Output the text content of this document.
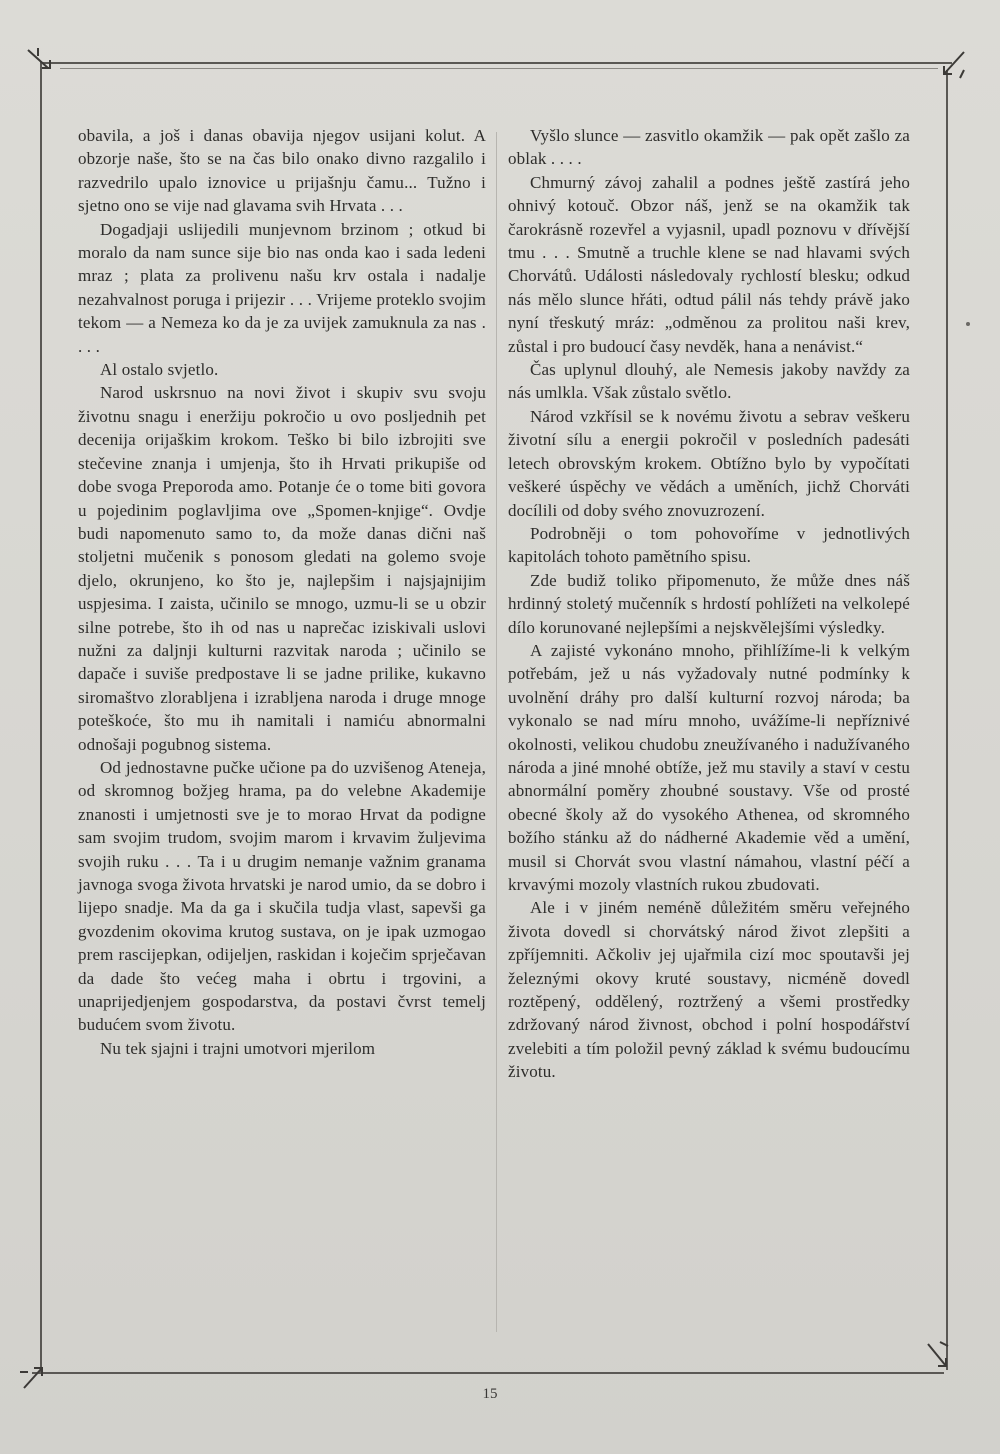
obavila, a još i danas obavija njegov usijani kolut. A obzorje naše, što se na čas bilo onako divno razgalilo i razvedrilo upalo iznovice u prijašnju čamu... Tužno i sjetno ono se vije nad glavama svih Hrvata . . .

Dogadjaji uslijedili munjevnom brzinom ; otkud bi moralo da nam sunce sije bio nas onda kao i sada ledeni mraz ; plata za prolivenu našu krv ostala i nadalje nezahvalnost poruga i prijezir . . . Vrijeme proteklo svojim tekom — a Nemeza ko da je za uvijek zamuknula za nas . . . .

Al ostalo svjetlo.

Narod uskrsnuo na novi život i skupiv svu svoju životnu snagu i eneržiju pokročio u ovo posljednih pet decenija orijaškim krokom. Teško bi bilo izbrojiti sve stečevine znanja i umjenja, što ih Hrvati prikupiše od dobe svoga Preporoda amo. Potanje će o tome biti govora u pojedinim poglavljima ove „Spomen-knjige“. Ovdje budi napomenuto samo to, da može danas dični naš stoljetni mučenik s ponosom gledati na golemo svoje djelo, okrunjeno, ko što je, najlepšim i najsjajnijim uspjesima. I zaista, učinilo se mnogo, uzmu-li se u obzir silne potrebe, što ih od nas u naprečac iziskivali uslovi nužni za daljnji kulturni razvitak naroda ; učinilo se dapače i suviše predpostave li se jadne prilike, kukavno siromaštvo zlorabljena i izrabljena naroda i druge mnoge poteškoće, što mu ih namitali i namiću abnormalni odnošaji pogubnog sistema.

Od jednostavne pučke učione pa do uzvišenog Ateneja, od skromnog božjeg hrama, pa do velebne Akademije znanosti i umjetnosti sve je to morao Hrvat da podigne sam svojim trudom, svojim marom i krvavim žuljevima svojih ruku . . . Ta i u drugim nemanje važnim granama javnoga svoga života hrvatski je narod umio, da se dobro i lijepo snadje. Ma da ga i skučila tudja vlast, sapevši ga gvozdenim okovima krutog sustava, on je ipak uzmogao prem rascijepkan, odijeljen, raskidan i koječim sprječavan da dade što većeg maha i obrtu i trgovini, a unaprijedjenjem gospodarstva, da postavi čvrst temelj budućem svom životu.

Nu tek sjajni i trajni umotvori mjerilom

Vyšlo slunce — zasvitlo okamžik — pak opět zašlo za oblak . . . .

Chmurný závoj zahalil a podnes ještě zastírá jeho ohnivý kotouč. Obzor náš, jenž se na okamžik tak čarokrásně rozevřel a vyjasnil, upadl poznovu v dřívější tmu . . . Smutně a truchle klene se nad hlavami svých Chorvátů. Události následovaly rychlostí blesku; odkud nás mělo slunce hřáti, odtud pálil nás tehdy právě jako nyní třeskutý mráz: „odměnou za prolitou naši krev, zůstal i pro budoucí časy nevděk, hana a nenávist.“

Čas uplynul dlouhý, ale Nemesis jakoby navždy za nás umlkla. Však zůstalo světlo.

Národ vzkřísil se k novému životu a sebrav veškeru životní sílu a energii pokročil v posledních padesáti letech obrovským krokem. Obtížno bylo by vypočítati veškeré úspěchy ve vědách a uměních, jichž Chorváti docílili od doby svého znovuzrození.

Podrobněji o tom pohovoříme v jednotlivých kapitolách tohoto pamětního spisu.

Zde budiž toliko připomenuto, že může dnes náš hrdinný stoletý mučenník s hrdostí pohlížeti na velkolepé dílo korunované nejlepšími a nejskvělejšími výsledky.

A zajisté vykonáno mnoho, přihlížíme-li k velkým potřebám, jež u nás vyžadovaly nutné podmínky k uvolnění dráhy pro další kulturní rozvoj národa; ba vykonalo se nad míru mnoho, uvážíme-li nepříznivé okolnosti, velikou chudobu zneužívaného i nadužívaného národa a jiné mnohé obtíže, jež mu stavily a staví v cestu abnormální poměry zhoubné soustavy. Vše od prosté obecné školy až do vysokého Athenea, od skromného božího stánku až do nádherné Akademie věd a umění, musil si Chorvát svou vlastní námahou, vlastní péčí a krvavými mozoly vlastních rukou zbudovati.

Ale i v jiném neméně důležitém směru veřejného života dovedl si chorvátský národ život zlepšiti a zpříjemniti. Ačkoliv jej ujařmila cizí moc spoutavši jej železnými okovy kruté soustavy, nicméně dovedl roztěpený, oddělený, roztržený a všemi prostředky zdržovaný národ živnost, obchod i polní hospodářství zvelebiti a tím položil pevný základ k svému budoucímu životu.

15
